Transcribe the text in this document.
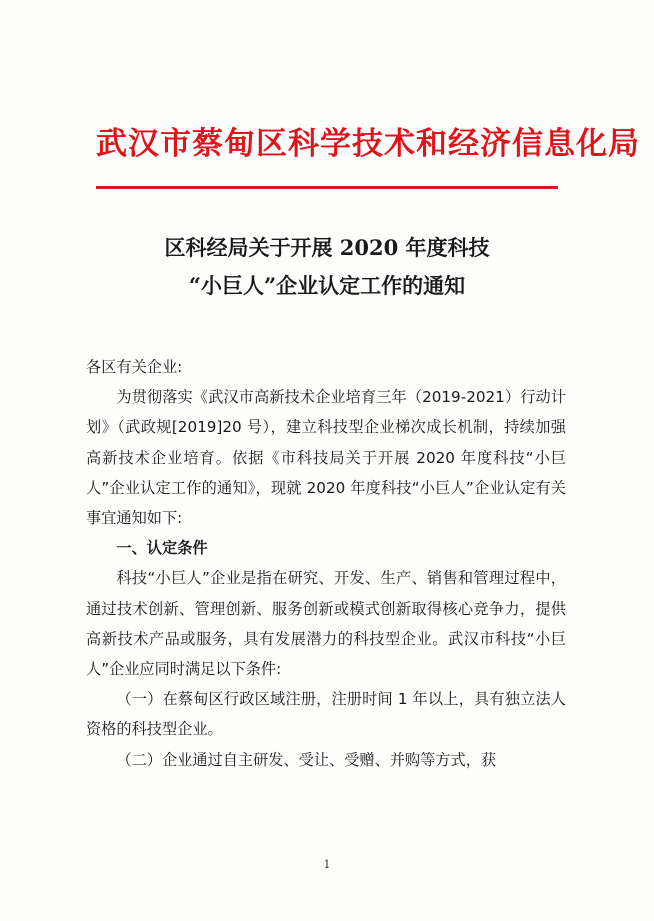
武汉市蔡甸区科学技术和经济信息化局
区科经局关于开展 2020 年度科技
“小巨人”企业认定工作的通知

各区有关企业:

为贯彻落实《武汉市高新技术企业培育三年（2019-2021）行动计划》（武政规[2019]20 号），建立科技型企业梯次成长机制，持续加强高新技术企业培育。依据《市科技局关于开展 2020 年度科技“小巨人”企业认定工作的通知》，现就 2020 年度科技“小巨人”企业认定有关事宜通知如下:

一、认定条件

科技“小巨人”企业是指在研究、开发、生产、销售和管理过程中，通过技术创新、管理创新、服务创新或模式创新取得核心竞争力，提供高新技术产品或服务，具有发展潜力的科技型企业。武汉市科技“小巨人”企业应同时满足以下条件:

（一）在蔡甸区行政区域注册，注册时间 1 年以上，具有独立法人资格的科技型企业。

（二）企业通过自主研发、受让、受赠、并购等方式，获

1
